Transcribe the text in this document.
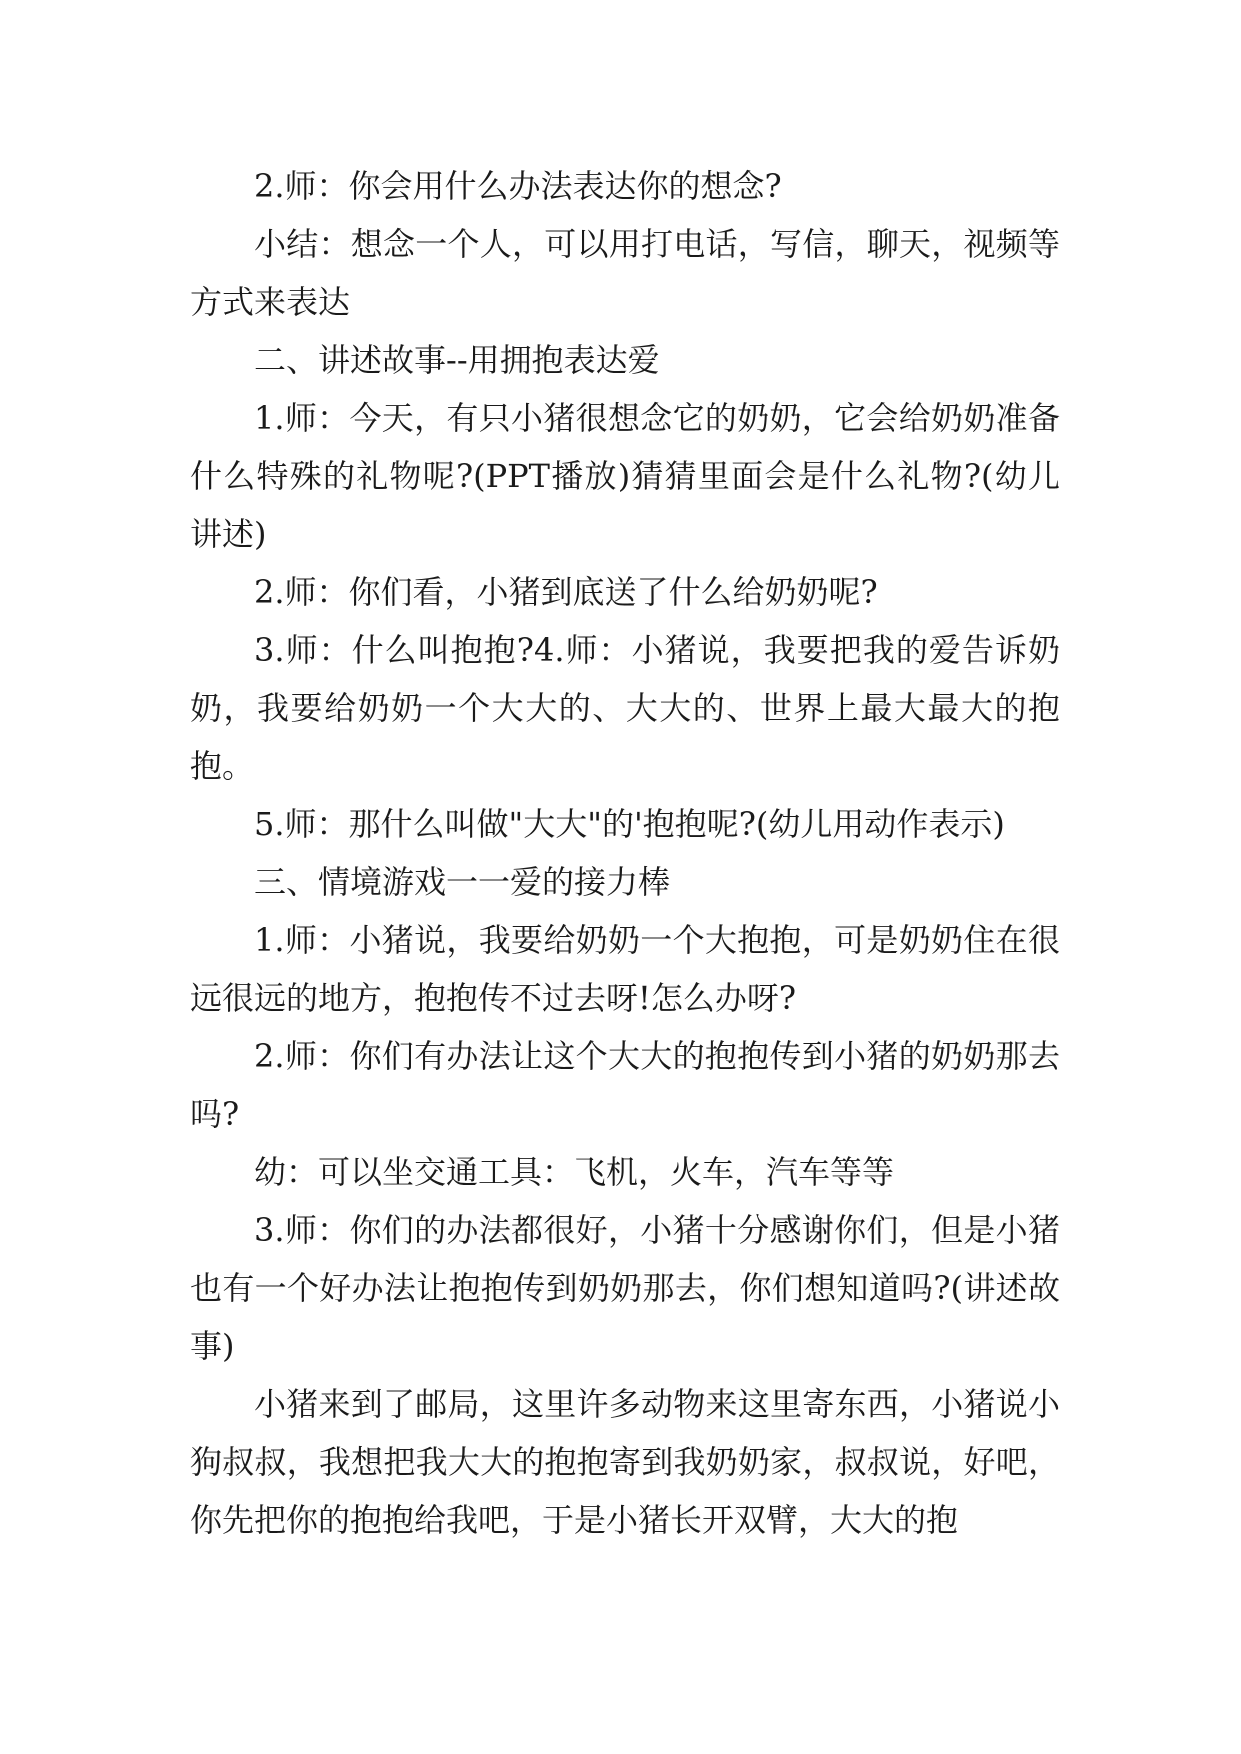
2.师：你会用什么办法表达你的想念?

小结：想念一个人，可以用打电话，写信，聊天，视频等方式来表达

二、讲述故事--用拥抱表达爱

1.师：今天，有只小猪很想念它的奶奶，它会给奶奶准备什么特殊的礼物呢?(PPT播放)猜猜里面会是什么礼物?(幼儿讲述)

2.师：你们看，小猪到底送了什么给奶奶呢?

3.师：什么叫抱抱?4.师：小猪说，我要把我的爱告诉奶奶，我要给奶奶一个大大的、大大的、世界上最大最大的抱抱。

5.师：那什么叫做"大大"的'抱抱呢?(幼儿用动作表示)

三、情境游戏一一爱的接力棒

1.师：小猪说，我要给奶奶一个大抱抱，可是奶奶住在很远很远的地方，抱抱传不过去呀!怎么办呀?

2.师：你们有办法让这个大大的抱抱传到小猪的奶奶那去吗?

幼：可以坐交通工具：飞机，火车，汽车等等

3.师：你们的办法都很好，小猪十分感谢你们，但是小猪也有一个好办法让抱抱传到奶奶那去，你们想知道吗?(讲述故事)

小猪来到了邮局，这里许多动物来这里寄东西，小猪说小狗叔叔，我想把我大大的抱抱寄到我奶奶家，叔叔说，好吧，你先把你的抱抱给我吧，于是小猪长开双臂，大大的抱
